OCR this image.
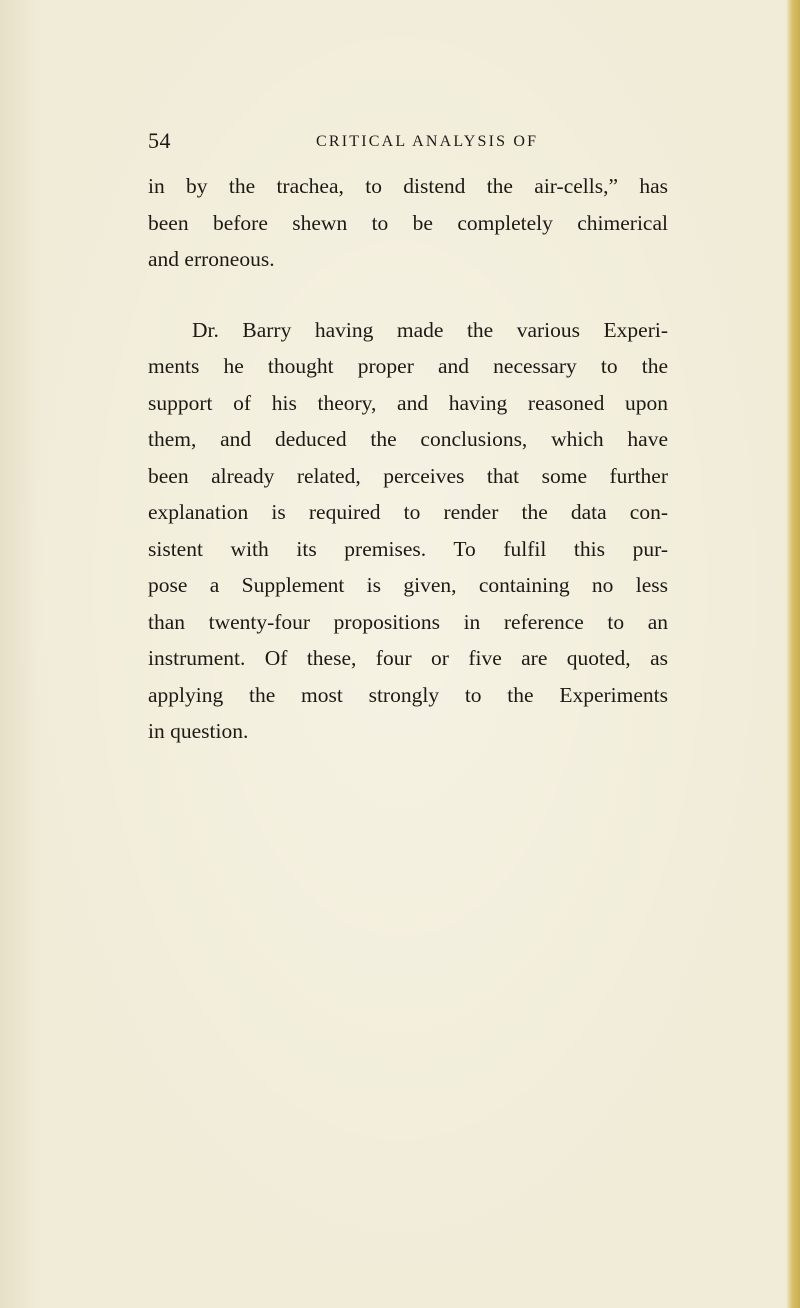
54	CRITICAL ANALYSIS OF
in by the trachea, to distend the air-cells,” has
been before shewn to be completely chimerical
and erroneous.
Dr. Barry having made the various Experi-
ments he thought proper and necessary to the
support of his theory, and having reasoned upon
them, and deduced the conclusions, which have
been already related, perceives that some further
explanation is required to render the data con-
sistent with its premises. To fulfil this pur-
pose a Supplement is given, containing no less
than twenty-four propositions in reference to an
instrument. Of these, four or five are quoted, as
applying the most strongly to the Experiments
in question.
